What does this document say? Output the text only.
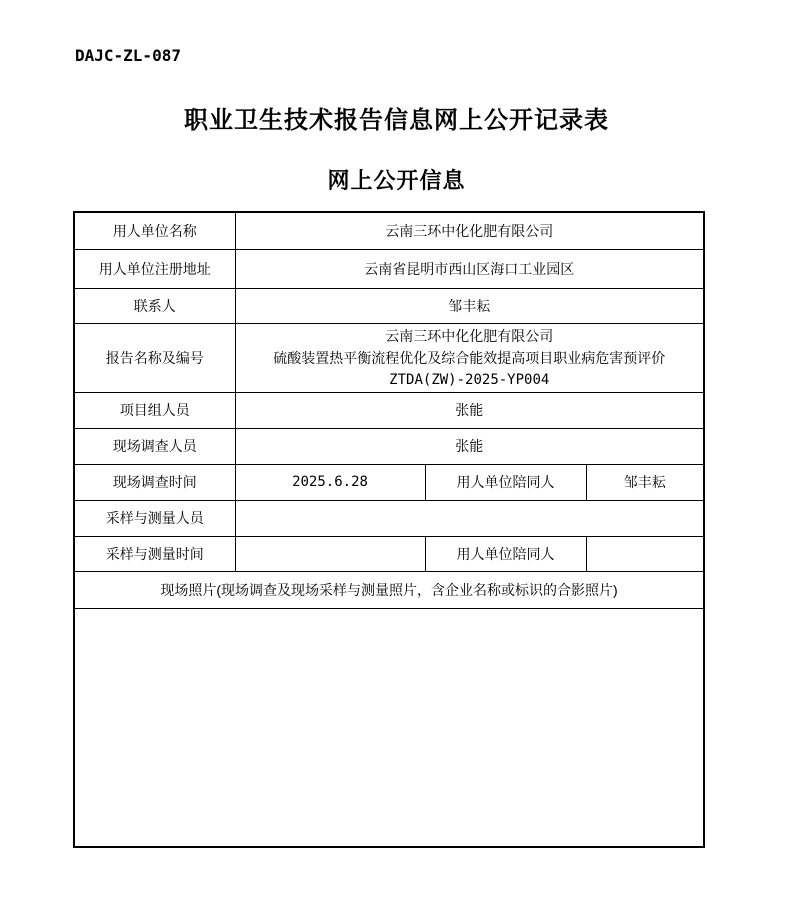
DAJC-ZL-087
职业卫生技术报告信息网上公开记录表
网上公开信息
用人单位名称	云南三环中化化肥有限公司		
用人单位注册地址	云南省昆明市西山区海口工业园区		
联系人	邹丰耘		
报告名称及编号	云南三环中化化肥有限公司
硫酸装置热平衡流程优化及综合能效提高项目职业病危害预评价
ZTDA(ZW)-2025-YP004		

项目组人员	张能		
现场调查人员	张能		
现场调查时间	2025.6.28	用人单位陪同人	邹丰耘
采样与测量人员			
采样与测量时间		用人单位陪同人	
现场照片(现场调查及现场采样与测量照片，含企业名称或标识的合影照片)			
